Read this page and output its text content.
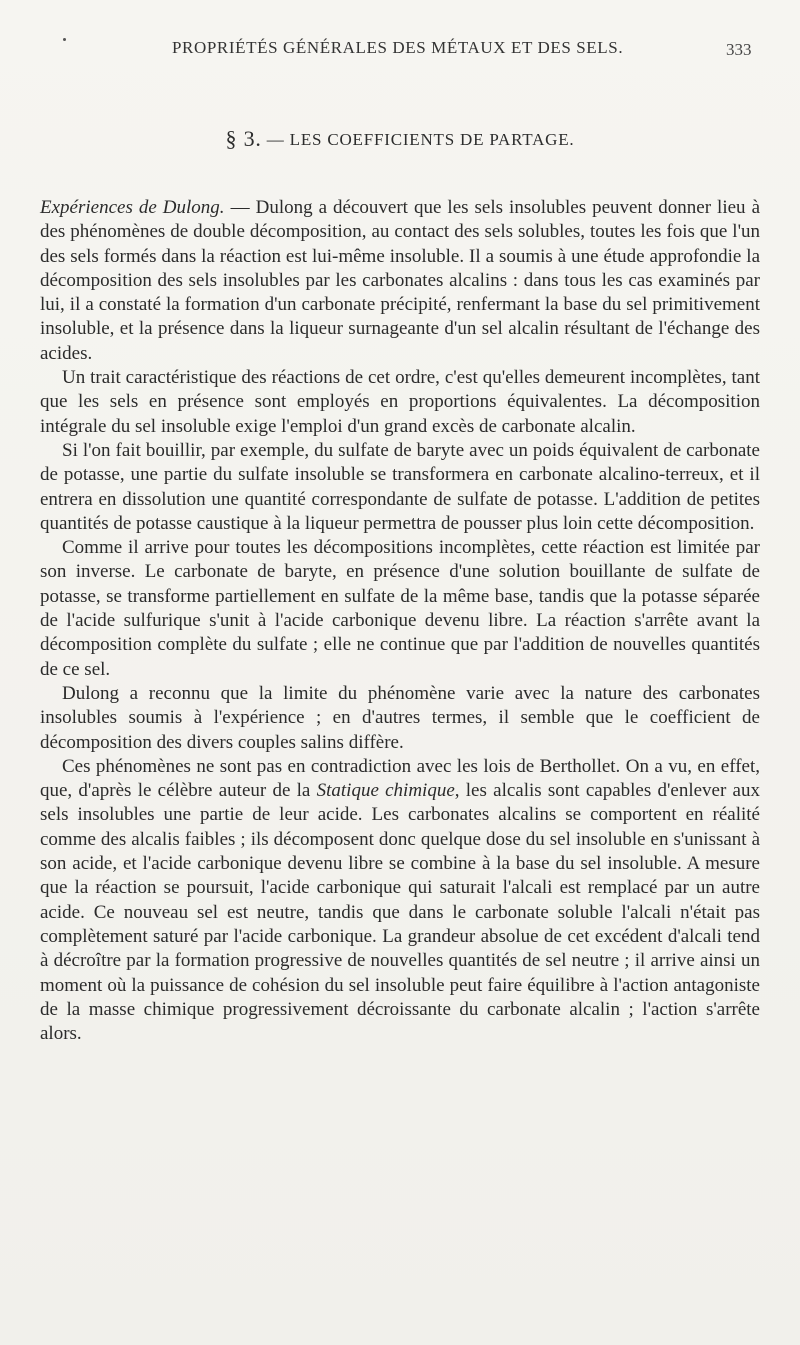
PROPRIÉTÉS GÉNÉRALES DES MÉTAUX ET DES SELS.	333
§ 3. — LES COEFFICIENTS DE PARTAGE.

Expériences de Dulong. — Dulong a découvert que les sels insolubles peuvent donner lieu à des phénomènes de double décomposition, au contact des sels solubles, toutes les fois que l'un des sels formés dans la réaction est lui-même insoluble. Il a soumis à une étude approfondie la décomposition des sels insolubles par les carbonates alcalins : dans tous les cas examinés par lui, il a constaté la formation d'un carbonate précipité, renfermant la base du sel primitivement insoluble, et la présence dans la liqueur surnageante d'un sel alcalin résultant de l'échange des acides.

Un trait caractéristique des réactions de cet ordre, c'est qu'elles demeurent incomplètes, tant que les sels en présence sont employés en proportions équivalentes. La décomposition intégrale du sel insoluble exige l'emploi d'un grand excès de carbonate alcalin.

Si l'on fait bouillir, par exemple, du sulfate de baryte avec un poids équivalent de carbonate de potasse, une partie du sulfate insoluble se transformera en carbonate alcalino-terreux, et il entrera en dissolution une quantité correspondante de sulfate de potasse. L'addition de petites quantités de potasse caustique à la liqueur permettra de pousser plus loin cette décomposition.

Comme il arrive pour toutes les décompositions incomplètes, cette réaction est limitée par son inverse. Le carbonate de baryte, en présence d'une solution bouillante de sulfate de potasse, se transforme partiellement en sulfate de la même base, tandis que la potasse séparée de l'acide sulfurique s'unit à l'acide carbonique devenu libre. La réaction s'arrête avant la décomposition complète du sulfate ; elle ne continue que par l'addition de nouvelles quantités de ce sel.

Dulong a reconnu que la limite du phénomène varie avec la nature des carbonates insolubles soumis à l'expérience ; en d'autres termes, il semble que le coefficient de décomposition des divers couples salins diffère.

Ces phénomènes ne sont pas en contradiction avec les lois de Berthollet. On a vu, en effet, que, d'après le célèbre auteur de la Statique chimique, les alcalis sont capables d'enlever aux sels insolubles une partie de leur acide. Les carbonates alcalins se comportent en réalité comme des alcalis faibles ; ils décomposent donc quelque dose du sel insoluble en s'unissant à son acide, et l'acide carbonique devenu libre se combine à la base du sel insoluble. A mesure que la réaction se poursuit, l'acide carbonique qui saturait l'alcali est remplacé par un autre acide. Ce nouveau sel est neutre, tandis que dans le carbonate soluble l'alcali n'était pas complètement saturé par l'acide carbonique. La grandeur absolue de cet excédent d'alcali tend à décroître par la formation progressive de nouvelles quantités de sel neutre ; il arrive ainsi un moment où la puissance de cohésion du sel insoluble peut faire équilibre à l'action antagoniste de la masse chimique progressivement décroissante du carbonate alcalin ; l'action s'arrête alors.
